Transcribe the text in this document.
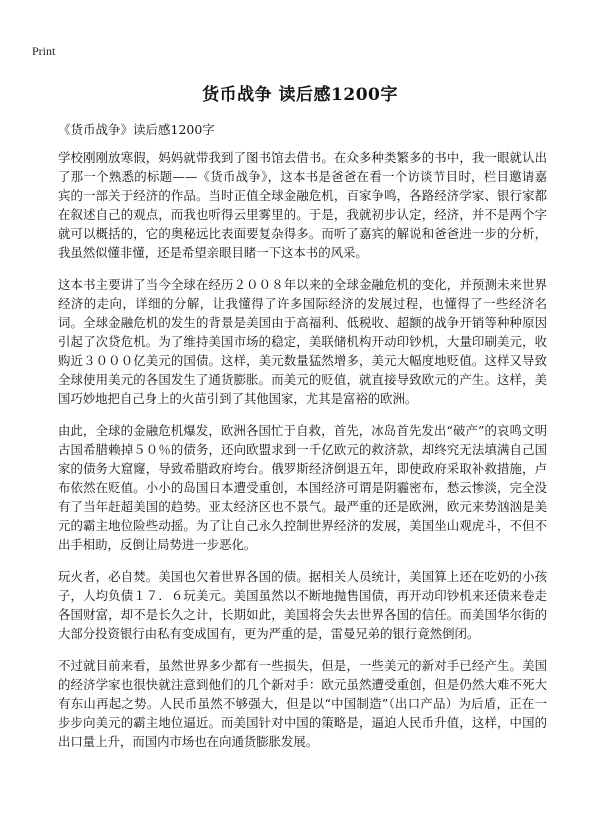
Print
货币战争 读后感1200字
《货币战争》读后感1200字

学校刚刚放寒假，妈妈就带我到了图书馆去借书。在众多种类繁多的书中，我一眼就认出了那一个熟悉的标题——《货币战争》，这本书是爸爸在看一个访谈节目时，栏目邀请嘉宾的一部关于经济的作品。当时正值全球金融危机，百家争鸣，各路经济学家、银行家都在叙述自己的观点，而我也听得云里雾里的。于是，我就初步认定，经济，并不是两个字就可以概括的，它的奥秘远比表面要复杂得多。而听了嘉宾的解说和爸爸进一步的分析，我虽然似懂非懂，还是希望亲眼目睹一下这本书的风采。

这本书主要讲了当今全球在经历２００８年以来的全球金融危机的变化，并预测未来世界经济的走向，详细的分解，让我懂得了许多国际经济的发展过程，也懂得了一些经济名词。全球金融危机的发生的背景是美国由于高福利、低税收、超额的战争开销等种种原因引起了次贷危机。为了维持美国市场的稳定，美联储机构开动印钞机，大量印刷美元，收购近３０００亿美元的国债。这样，美元数量猛然增多，美元大幅度地贬值。这样又导致全球使用美元的各国发生了通货膨胀。而美元的贬值，就直接导致欧元的产生。这样，美国巧妙地把自己身上的火苗引到了其他国家，尤其是富裕的欧洲。

由此，全球的金融危机爆发，欧洲各国忙于自救，首先，冰岛首先发出“破产”的哀鸣文明古国希腊赖掉５０％的债务，还向欧盟求到一千亿欧元的救济款，却终究无法填满自己国家的债务大窟窿，导致希腊政府垮台。俄罗斯经济倒退五年，即使政府采取补救措施，卢布依然在贬值。小小的岛国日本遭受重创，本国经济可谓是阴霾密布，愁云惨淡，完全没有了当年赶超美国的趋势。亚太经济区也不景气。最严重的还是欧洲，欧元来势汹汹是美元的霸主地位险些动摇。为了让自己永久控制世界经济的发展，美国坐山观虎斗，不但不出手相助，反倒让局势进一步恶化。

玩火者，必自焚。美国也欠着世界各国的债。据相关人员统计，美国算上还在吃奶的小孩子，人均负债１７．６玩美元。美国虽然以不断地抛售国债，再开动印钞机来还债来卷走各国财富，却不是长久之计，长期如此，美国将会失去世界各国的信任。而美国华尔街的大部分投资银行由私有变成国有，更为严重的是，雷曼兄弟的银行竟然倒闭。

不过就目前来看，虽然世界多少都有一些损失，但是，一些美元的新对手已经产生。美国的经济学家也很快就注意到他们的几个新对手：欧元虽然遭受重创，但是仍然大难不死大有东山再起之势。人民币虽然不够强大，但是以“中国制造”（出口产品）为后盾，正在一步步向美元的霸主地位逼近。而美国针对中国的策略是，逼迫人民币升值，这样，中国的出口量上升，而国内市场也在向通货膨胀发展。
